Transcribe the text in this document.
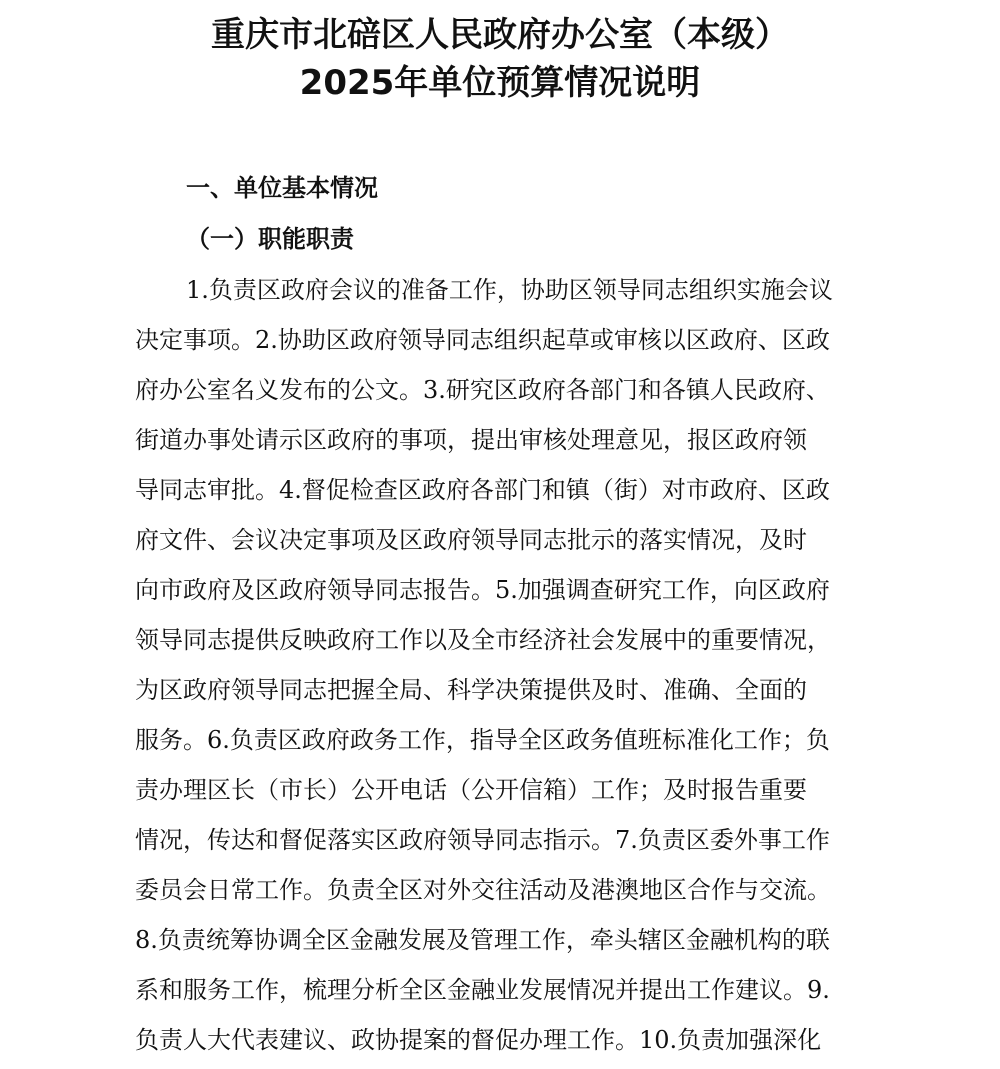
重庆市北碚区人民政府办公室（本级）
2025年单位预算情况说明
一、单位基本情况
（一）职能职责

1.负责区政府会议的准备工作，协助区领导同志组织实施会议

决定事项。2.协助区政府领导同志组织起草或审核以区政府、区政

府办公室名义发布的公文。3.研究区政府各部门和各镇人民政府、

街道办事处请示区政府的事项，提出审核处理意见，报区政府领

导同志审批。4.督促检查区政府各部门和镇（街）对市政府、区政

府文件、会议决定事项及区政府领导同志批示的落实情况，及时

向市政府及区政府领导同志报告。5.加强调查研究工作，向区政府

领导同志提供反映政府工作以及全市经济社会发展中的重要情况，

为区政府领导同志把握全局、科学决策提供及时、准确、全面的

服务。6.负责区政府政务工作，指导全区政务值班标准化工作；负

责办理区长（市长）公开电话（公开信箱）工作；及时报告重要

情况，传达和督促落实区政府领导同志指示。7.负责区委外事工作

委员会日常工作。负责全区对外交往活动及港澳地区合作与交流。

8.负责统筹协调全区金融发展及管理工作，牵头辖区金融机构的联

系和服务工作，梳理分析全区金融业发展情况并提出工作建议。9.

负责人大代表建议、政协提案的督促办理工作。10.负责加强深化
